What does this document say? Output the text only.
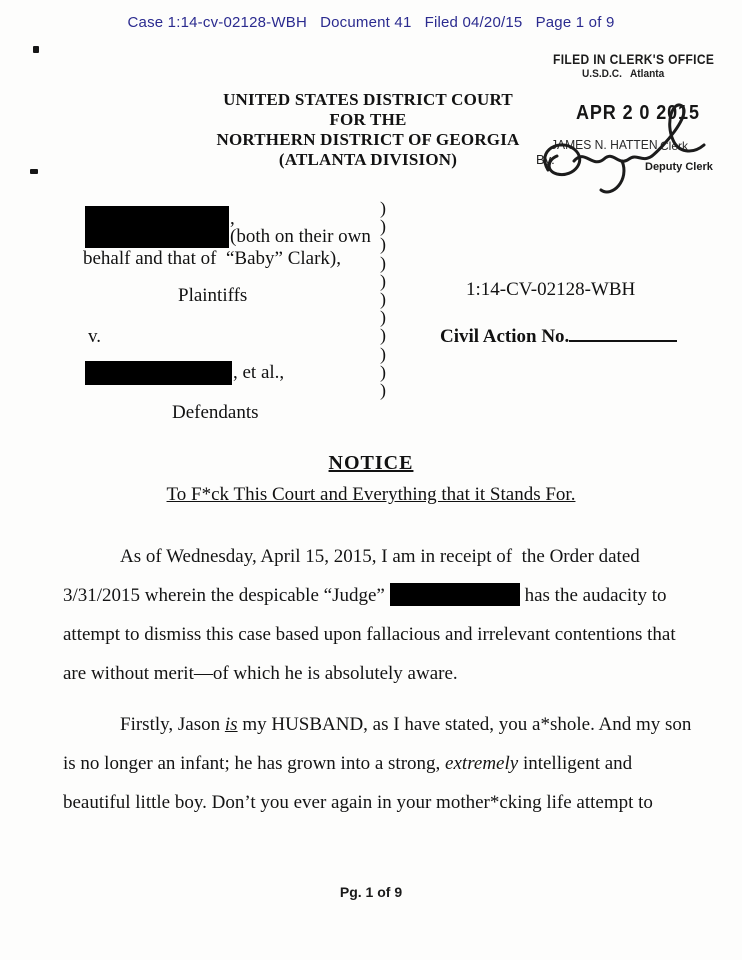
Case 1:14-cv-02128-WBH   Document 41   Filed 04/20/15   Page 1 of 9
FILED IN CLERK'S OFFICE
U.S.D.C.   Atlanta
APR 2 0 2015
JAMES N. HATTEN, Clerk
By:	Deputy Clerk
UNITED STATES DISTRICT COURT
FOR THE
NORTHERN DISTRICT OF GEORGIA
(ATLANTA DIVISION)
,
(both on their own
behalf and that of  “Baby” Clark),
Plaintiffs
v.
, et al.,
Defendants
)
)
)
)
)
)
)
)
)
)
)
1:14-CV-02128-WBH
Civil Action No.
NOTICE
To F*ck This Court and Everything that it Stands For.
As of Wednesday, April 15, 2015, I am in receipt of  the Order dated
3/31/2015 wherein the despicable “Judge”	has the audacity to
attempt to dismiss this case based upon fallacious and irrelevant contentions that
are without merit—of which he is absolutely aware.
Firstly, Jason is my HUSBAND, as I have stated, you a*shole. And my son
is no longer an infant; he has grown into a strong, extremely intelligent and
beautiful little boy. Don’t you ever again in your mother*cking life attempt to
Pg. 1 of 9
